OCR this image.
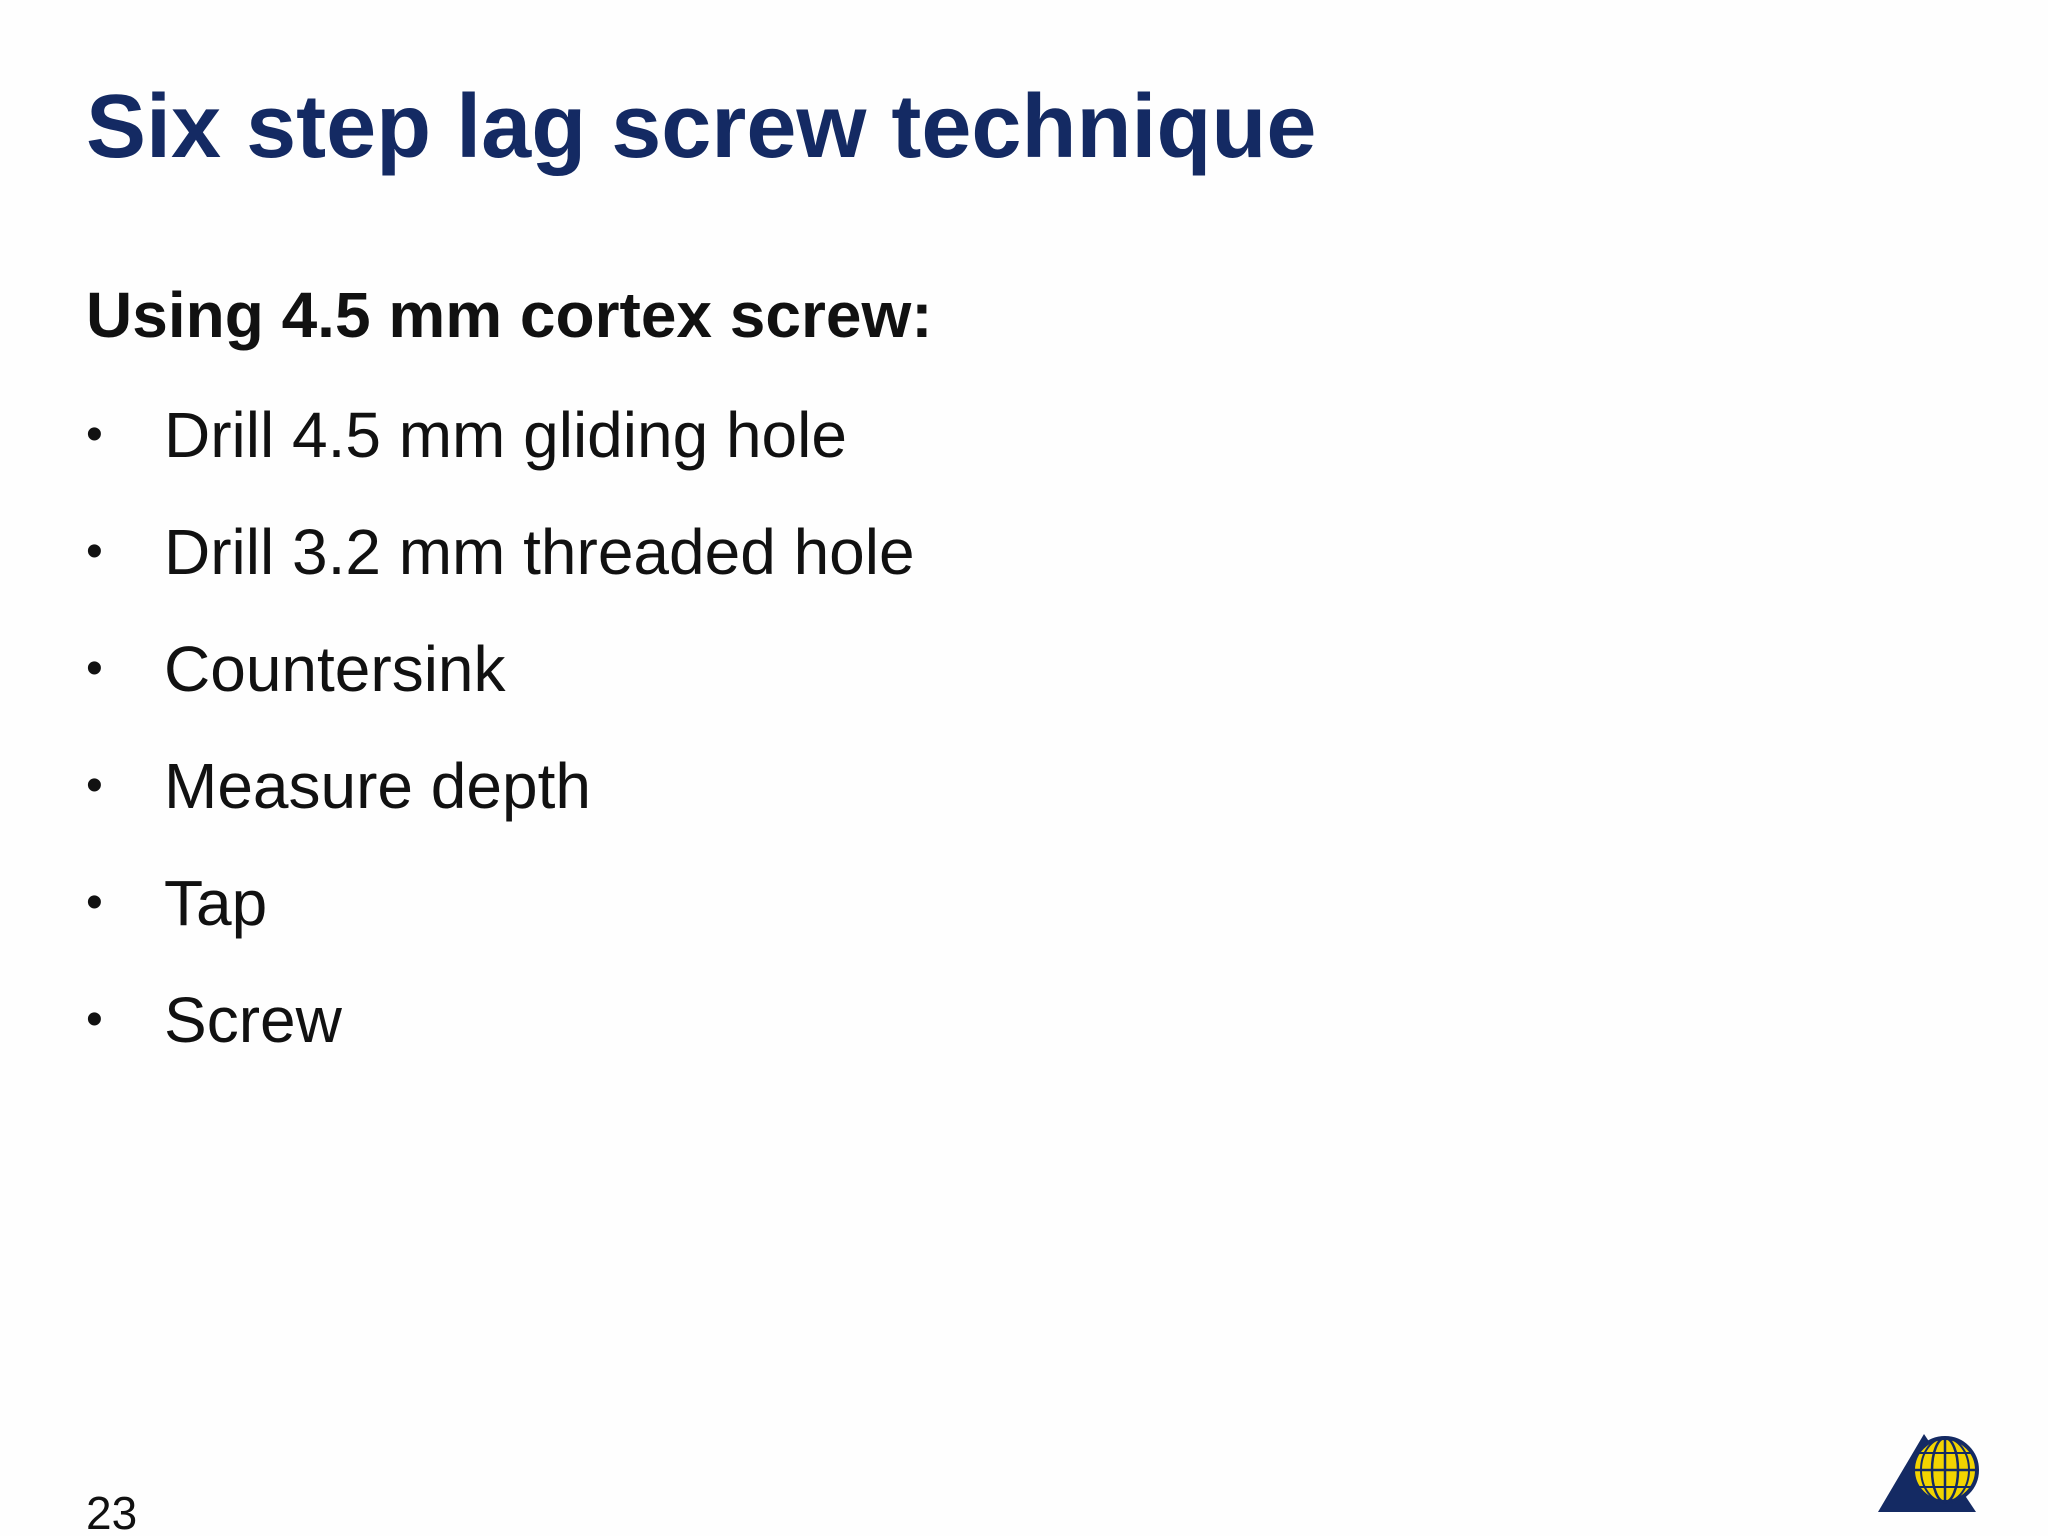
Six step lag screw technique
Using 4.5 mm cortex screw:
• Drill 4.5 mm gliding hole
• Drill 3.2 mm threaded hole
• Countersink
• Measure depth
• Tap
• Screw
23
